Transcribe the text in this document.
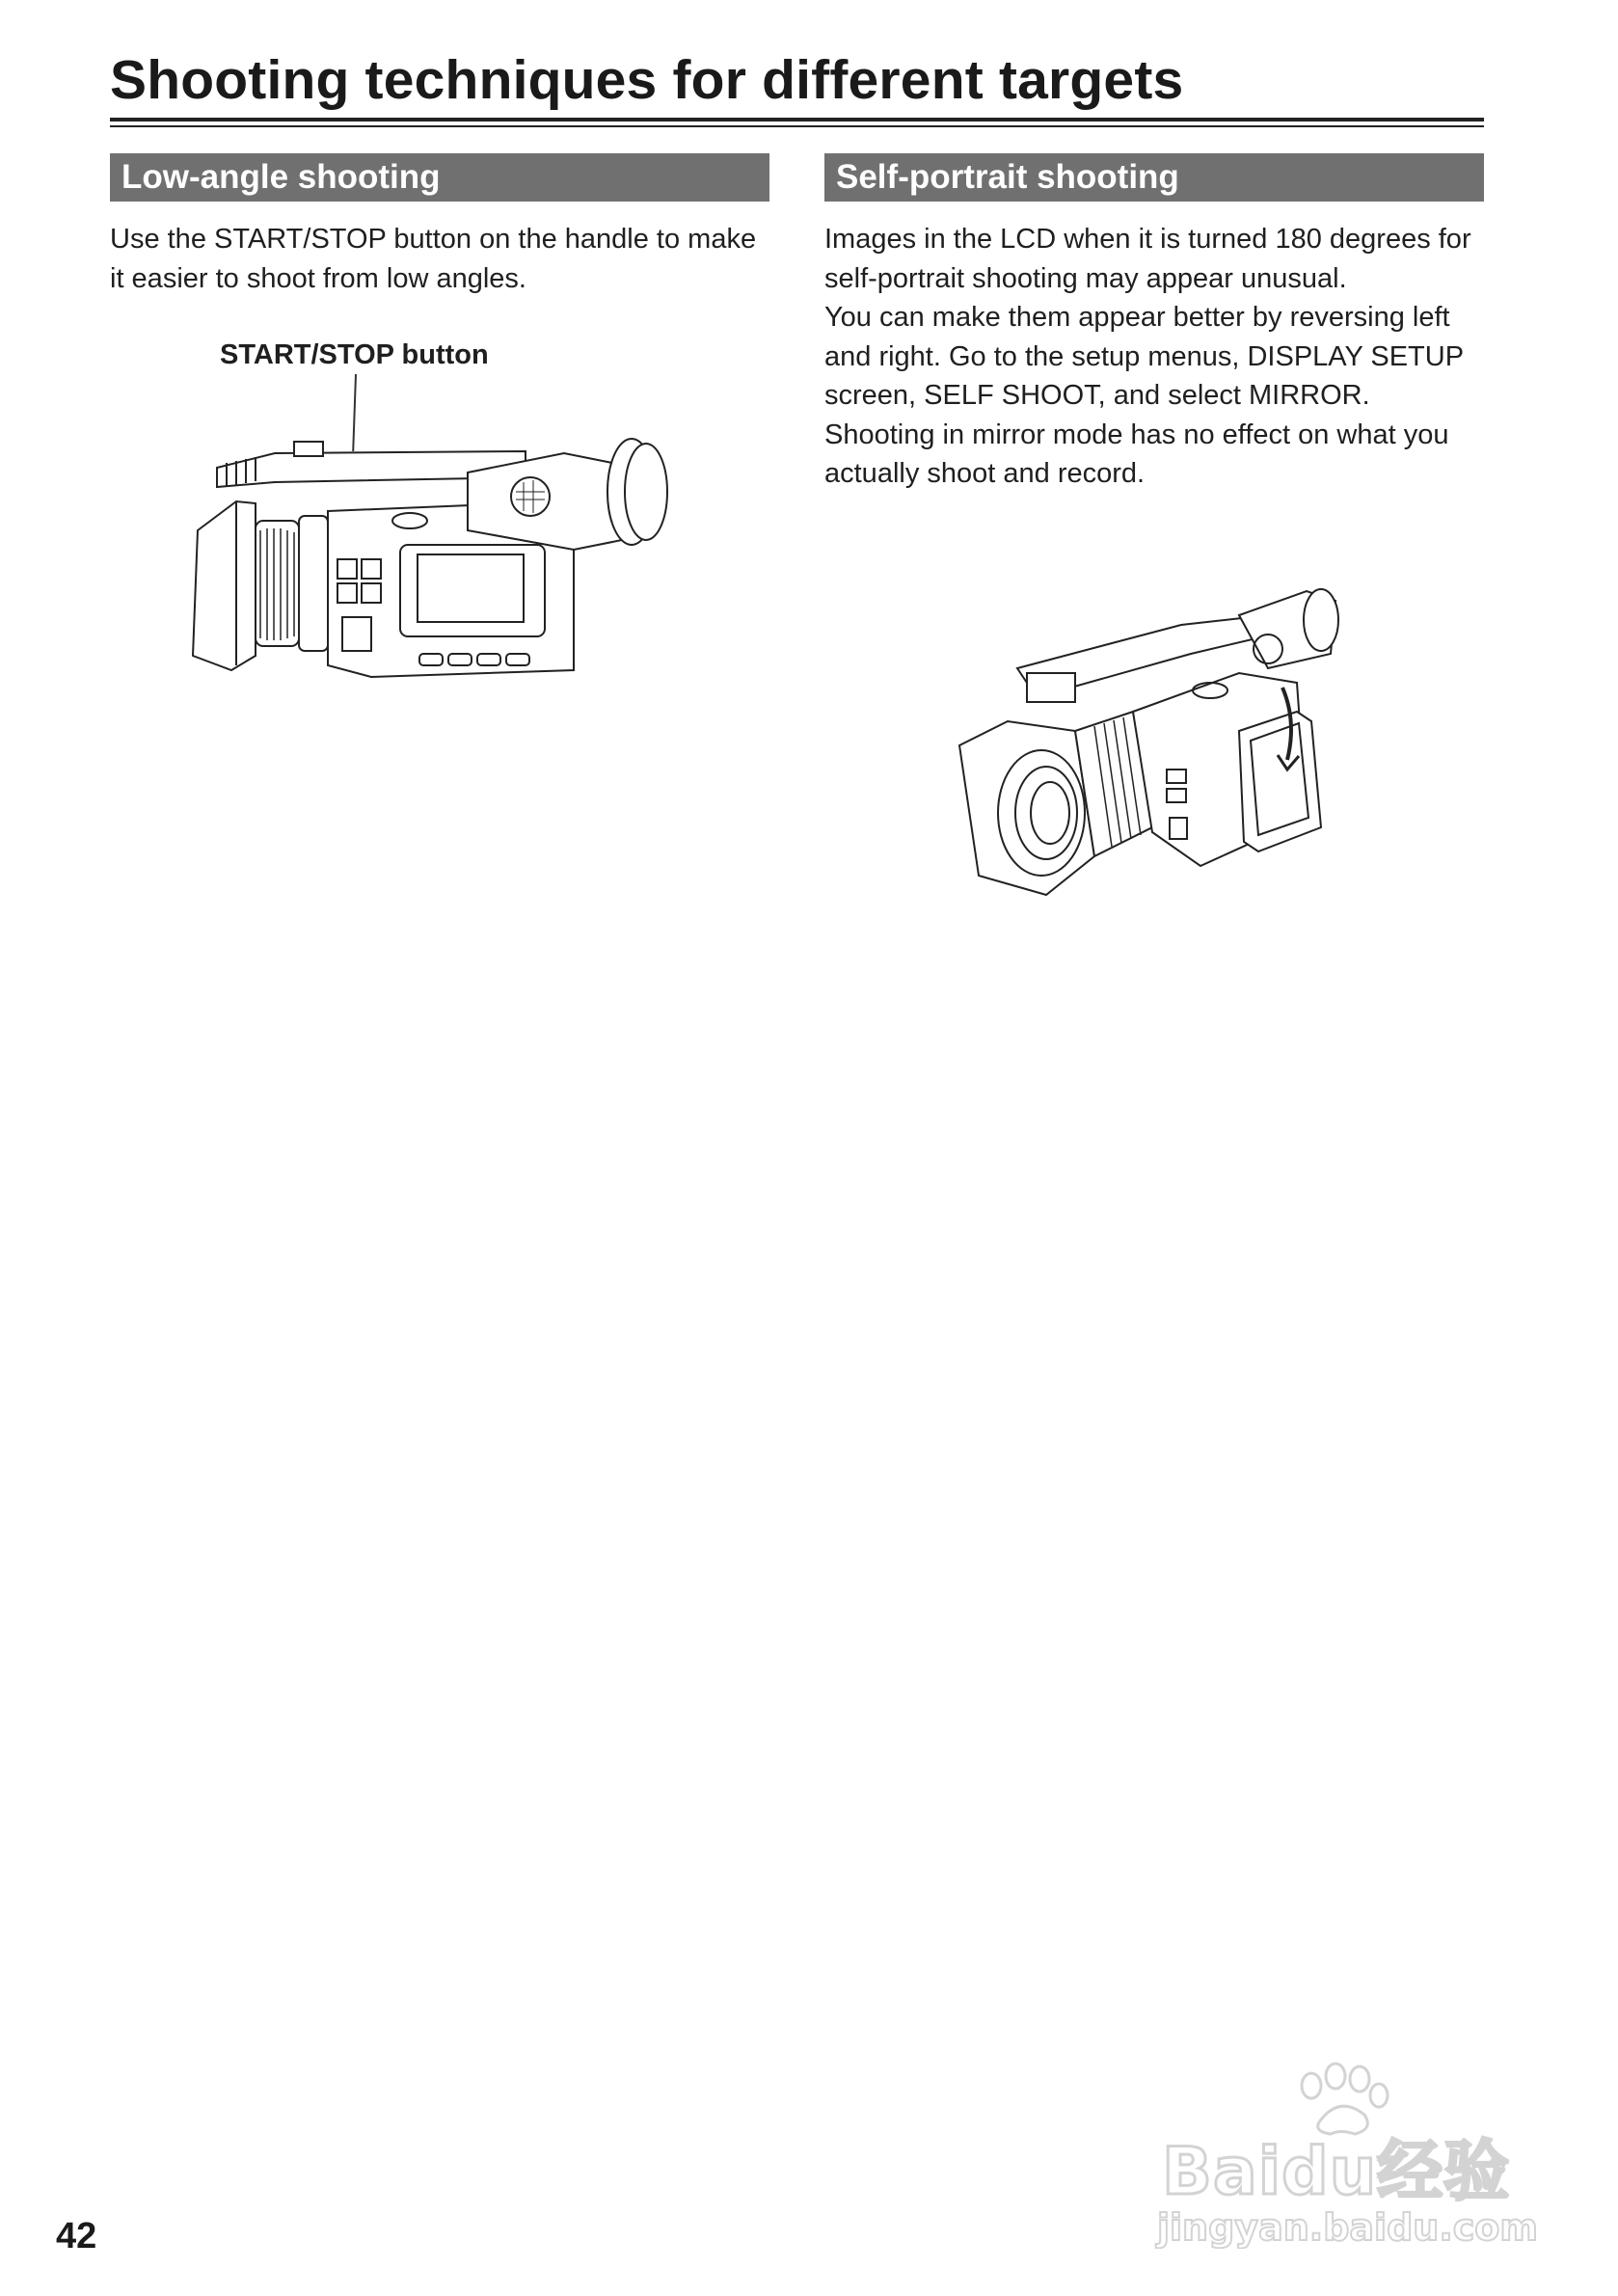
Shooting techniques for different targets
Low-angle shooting

Use the START/STOP button on the handle to make it easier to shoot from low angles.

START/STOP button
Self-portrait shooting

Images in the LCD when it is turned 180 degrees for self-portrait shooting may appear unusual.

You can make them appear better by reversing left and right. Go to the setup menus, DISPLAY SETUP screen, SELF SHOOT, and select MIRROR.

Shooting in mirror mode has no effect on what you actually shoot and record.

42
Baidu经验
jingyan.baidu.com
